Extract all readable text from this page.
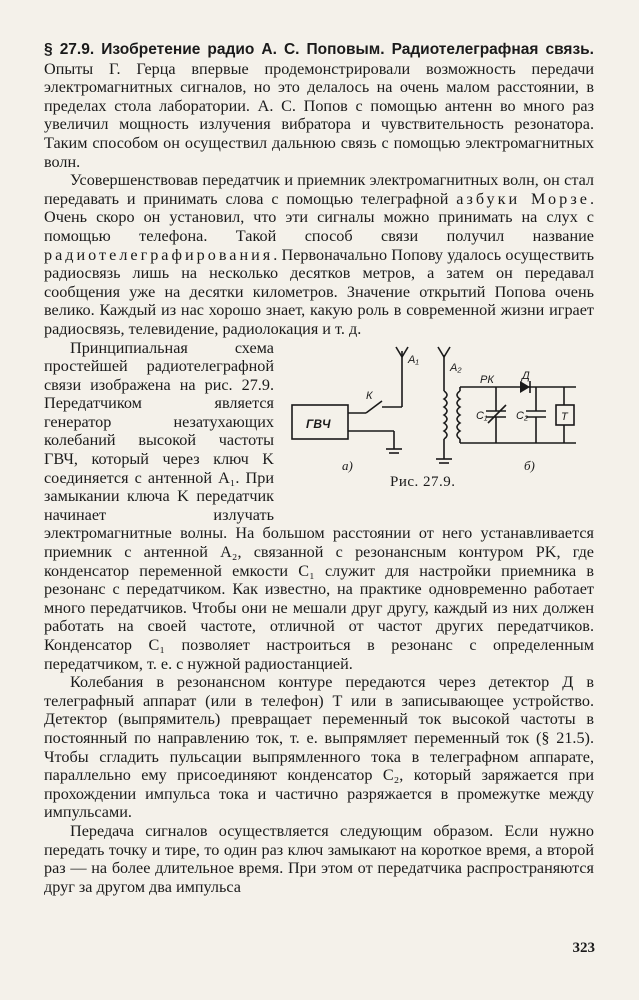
§ 27.9. Изобретение радио А. С. Поповым. Радиотелеграфная связь. Опыты Г. Герца впервые продемонстрировали возможность передачи электромагнитных сигналов, но это делалось на очень малом расстоянии, в пределах стола лаборатории. А. С. Попов с помощью антенн во много раз увеличил мощность излучения вибратора и чувствительность резонатора. Таким способом он осуществил дальнюю связь с помощью электромагнитных волн.

Усовершенствовав передатчик и приемник электромагнитных волн, он стал передавать и принимать слова с помощью телеграфной азбуки Морзе. Очень скоро он установил, что эти сигналы можно принимать на слух с помощью телефона. Такой способ связи получил название радиотелеграфирования. Первоначально Попову удалось осуществить радиосвязь лишь на несколько десятков метров, а затем он передавал сообщения уже на десятки километров. Значение открытий Попова очень велико. Каждый из нас хорошо знает, какую роль в современной жизни играет радиосвязь, телевидение, радиолокация и т. д.

ГВЧ
К
A₁
A₂
РК	Д
C₁	C₂	T
а)	б)
Рис. 27.9.

Принципиальная схема простейшей радиотелеграфной связи изображена на рис. 27.9. Передатчиком является генератор незатухающих колебаний высокой частоты ГВЧ, который через ключ K соединяется с антенной A₁. При замыкании ключа K передатчик начинает излучать электромагнитные волны. На большом расстоянии от него устанавливается приемник с антенной A₂, связанной с резонансным контуром PK, где конденсатор переменной емкости C₁ служит для настройки приемника в резонанс с передатчиком. Как известно, на практике одновременно работает много передатчиков. Чтобы они не мешали друг другу, каждый из них должен работать на своей частоте, отличной от частот других передатчиков. Конденсатор C₁ позволяет настроиться в резонанс с определенным передатчиком, т. е. с нужной радиостанцией.

Колебания в резонансном контуре передаются через детектор Д в телеграфный аппарат (или в телефон) T или в записывающее устройство. Детектор (выпрямитель) превращает переменный ток высокой частоты в постоянный по направлению ток, т. е. выпрямляет переменный ток (§ 21.5). Чтобы сгладить пульсации выпрямленного тока в телеграфном аппарате, параллельно ему присоединяют конденсатор C₂, который заряжается при прохождении импульса тока и частично разряжается в промежутке между импульсами.

Передача сигналов осуществляется следующим образом. Если нужно передать точку и тире, то один раз ключ замыкают на короткое время, а второй раз — на более длительное время. При этом от передатчика распространяются друг за другом два импульса

323
